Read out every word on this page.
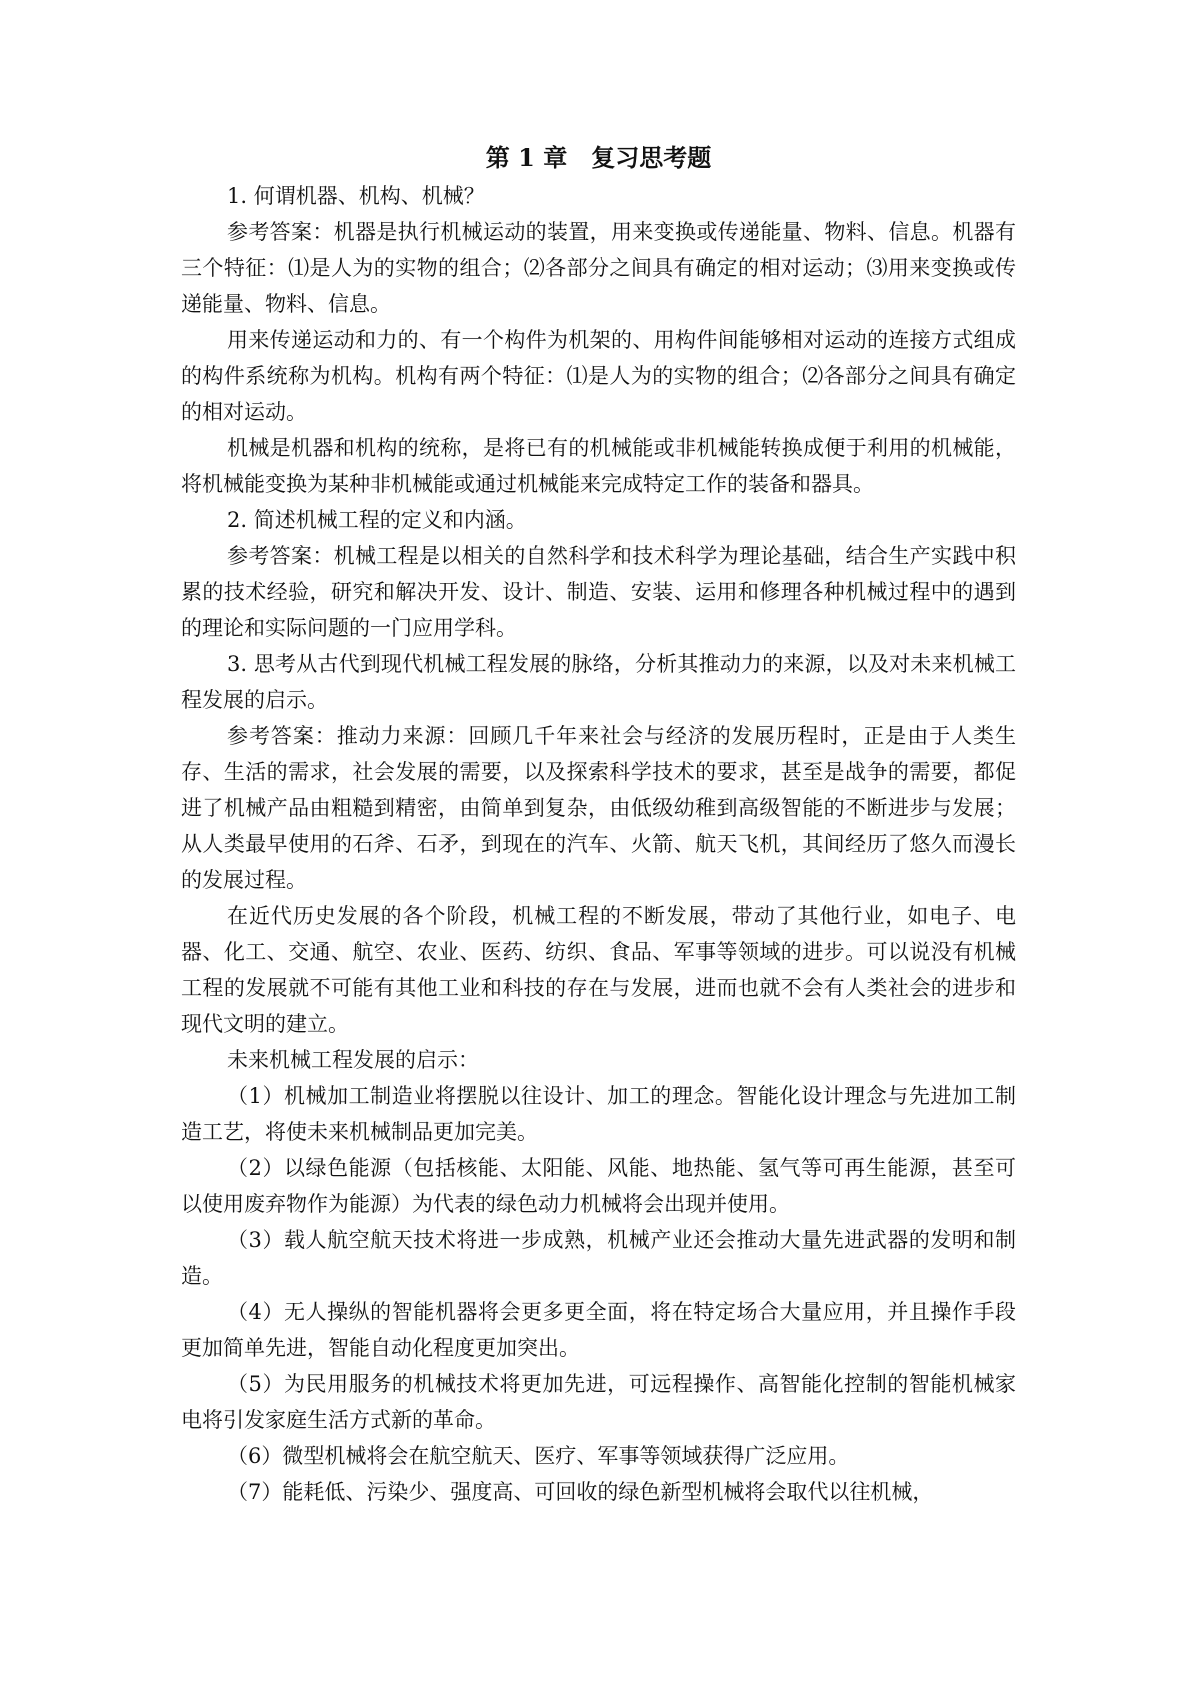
第 1 章　复习思考题

1. 何谓机器、机构、机械？

参考答案：机器是执行机械运动的装置，用来变换或传递能量、物料、信息。机器有三个特征：⑴是人为的实物的组合；⑵各部分之间具有确定的相对运动；⑶用来变换或传递能量、物料、信息。

用来传递运动和力的、有一个构件为机架的、用构件间能够相对运动的连接方式组成的构件系统称为机构。机构有两个特征：⑴是人为的实物的组合；⑵各部分之间具有确定的相对运动。

机械是机器和机构的统称，是将已有的机械能或非机械能转换成便于利用的机械能，将机械能变换为某种非机械能或通过机械能来完成特定工作的装备和器具。

2. 简述机械工程的定义和内涵。

参考答案：机械工程是以相关的自然科学和技术科学为理论基础，结合生产实践中积累的技术经验，研究和解决开发、设计、制造、安装、运用和修理各种机械过程中的遇到的理论和实际问题的一门应用学科。

3. 思考从古代到现代机械工程发展的脉络，分析其推动力的来源，以及对未来机械工程发展的启示。

参考答案：推动力来源：回顾几千年来社会与经济的发展历程时，正是由于人类生存、生活的需求，社会发展的需要，以及探索科学技术的要求，甚至是战争的需要，都促进了机械产品由粗糙到精密，由简单到复杂，由低级幼稚到高级智能的不断进步与发展；从人类最早使用的石斧、石矛，到现在的汽车、火箭、航天飞机，其间经历了悠久而漫长的发展过程。

在近代历史发展的各个阶段，机械工程的不断发展，带动了其他行业，如电子、电器、化工、交通、航空、农业、医药、纺织、食品、军事等领域的进步。可以说没有机械工程的发展就不可能有其他工业和科技的存在与发展，进而也就不会有人类社会的进步和现代文明的建立。

未来机械工程发展的启示：

（1）机械加工制造业将摆脱以往设计、加工的理念。智能化设计理念与先进加工制造工艺，将使未来机械制品更加完美。

（2）以绿色能源（包括核能、太阳能、风能、地热能、氢气等可再生能源，甚至可以使用废弃物作为能源）为代表的绿色动力机械将会出现并使用。

（3）载人航空航天技术将进一步成熟，机械产业还会推动大量先进武器的发明和制造。

（4）无人操纵的智能机器将会更多更全面，将在特定场合大量应用，并且操作手段更加简单先进，智能自动化程度更加突出。

（5）为民用服务的机械技术将更加先进，可远程操作、高智能化控制的智能机械家电将引发家庭生活方式新的革命。

（6）微型机械将会在航空航天、医疗、军事等领域获得广泛应用。

（7）能耗低、污染少、强度高、可回收的绿色新型机械将会取代以往机械，
